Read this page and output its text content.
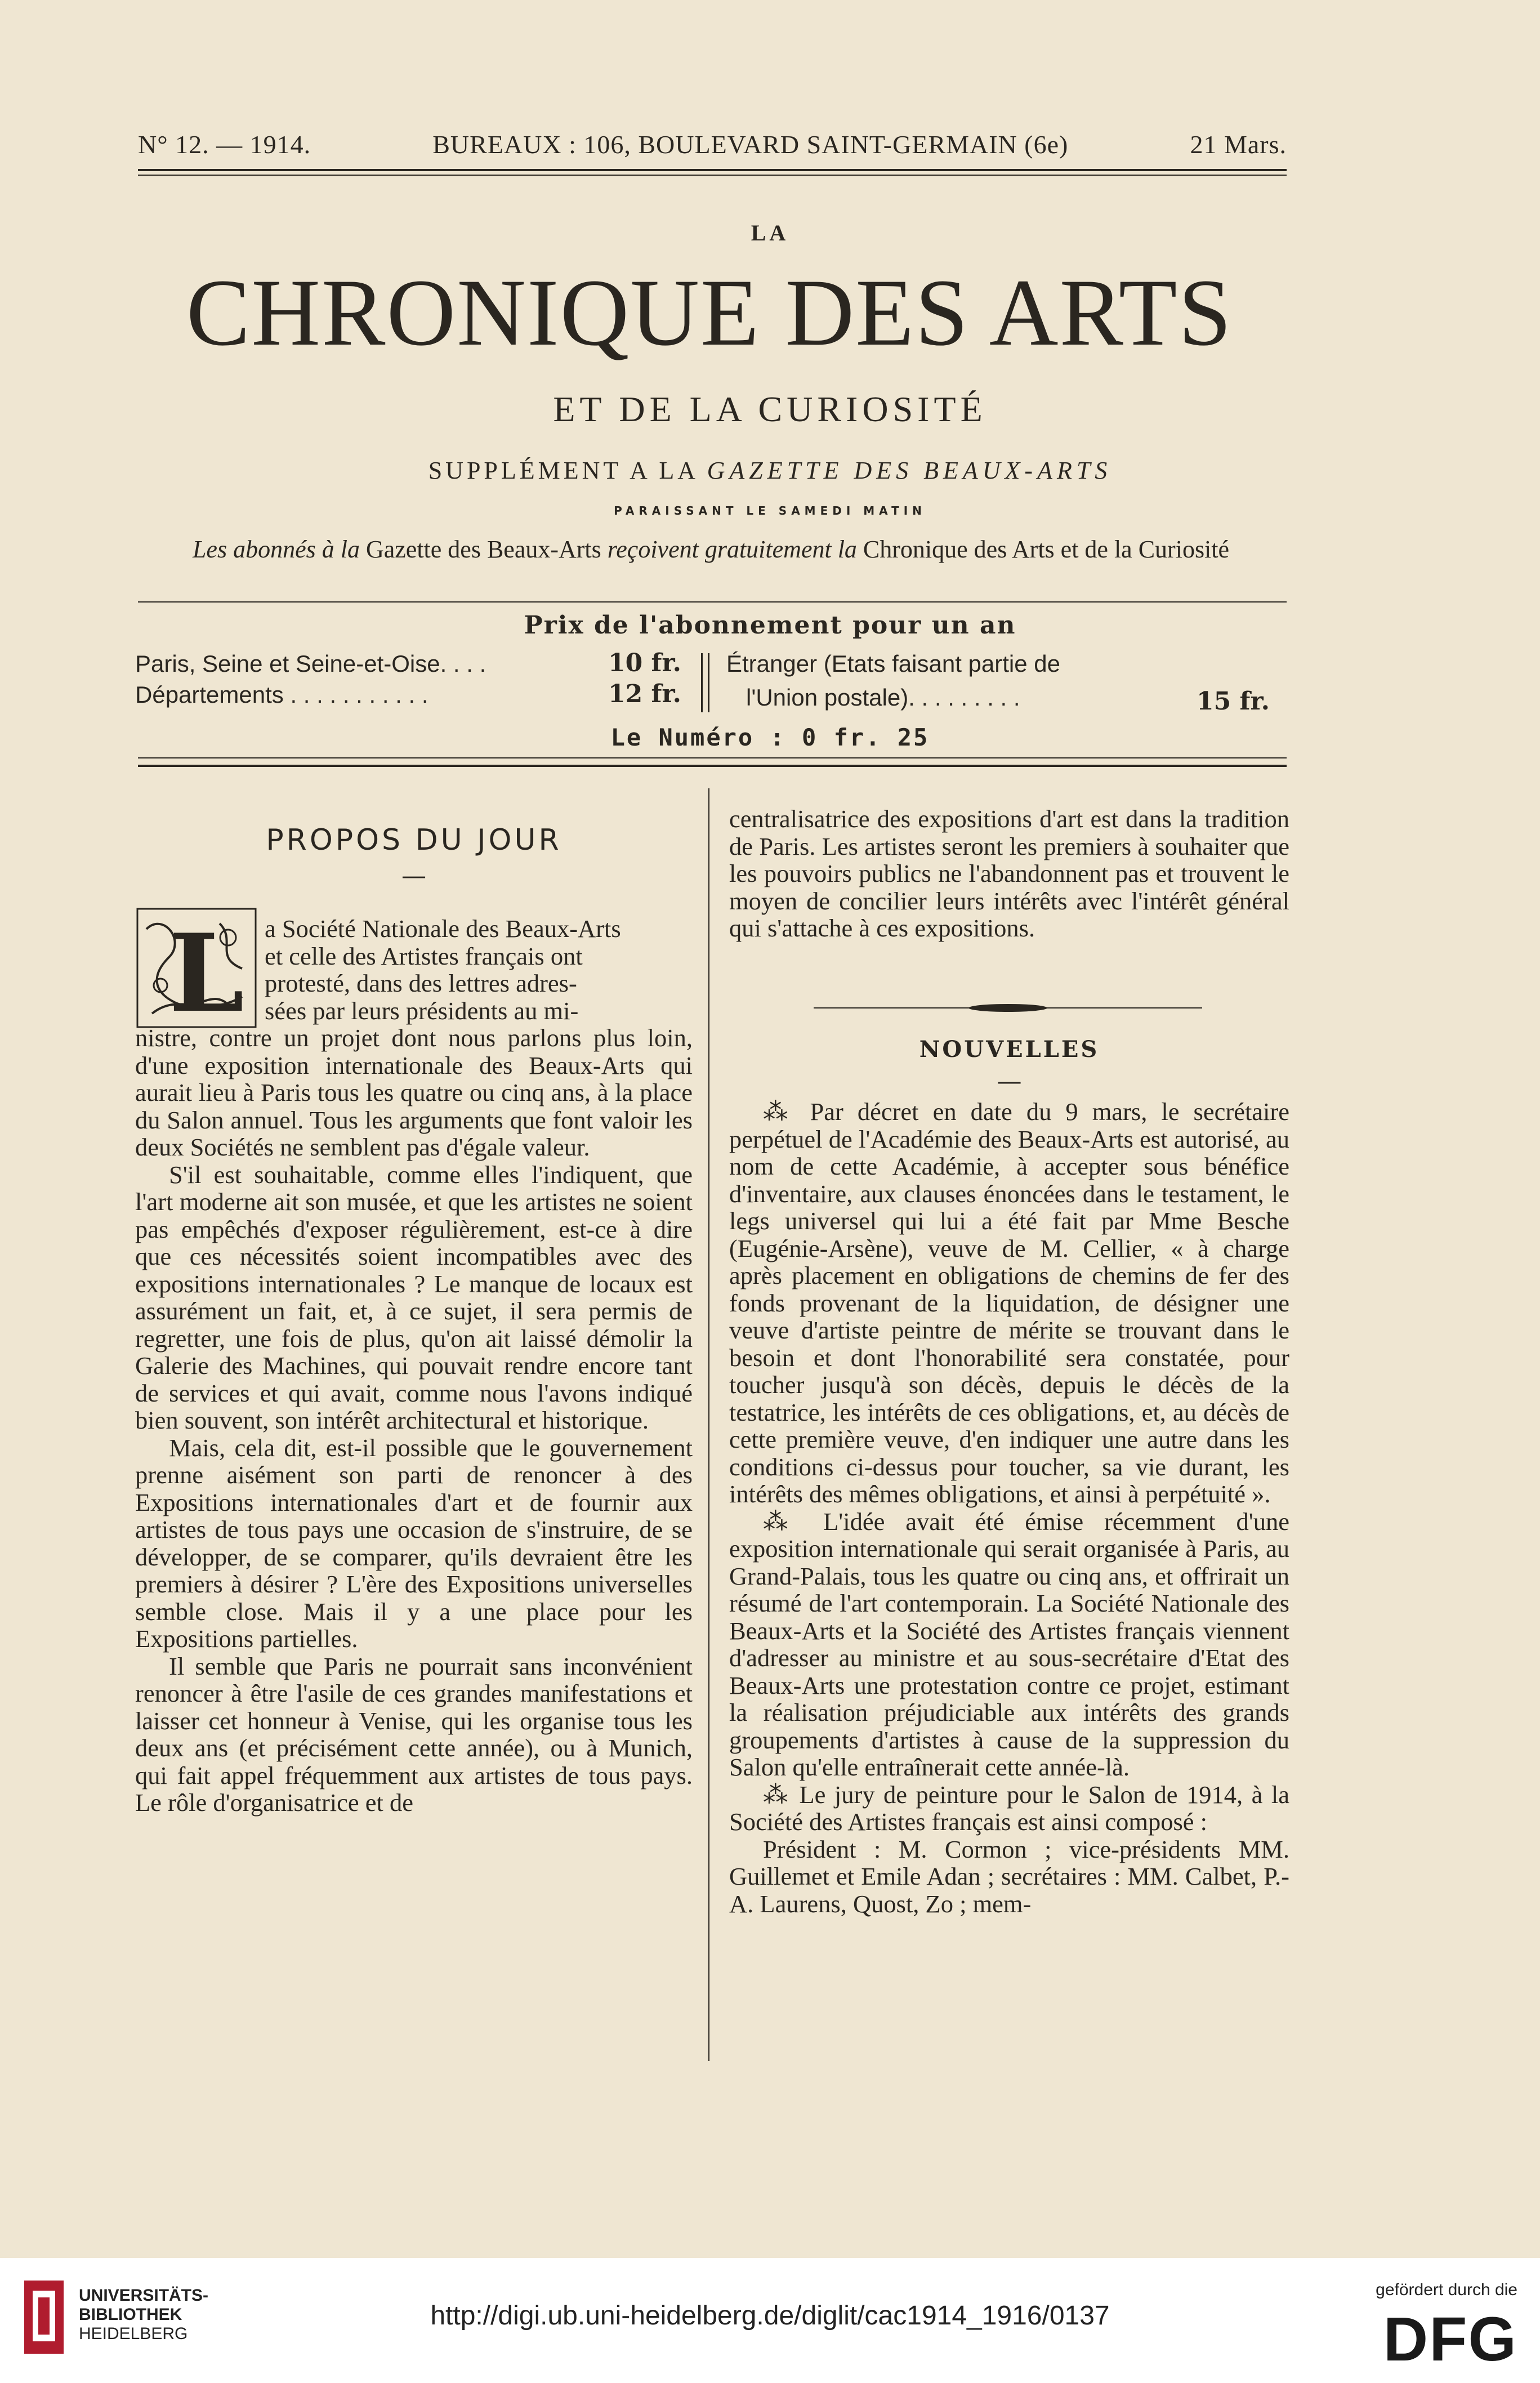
N° 12. — 1914.	BUREAUX : 106, BOULEVARD SAINT-GERMAIN (6e)	21 Mars.
LA
CHRONIQUE DES ARTS
ET DE LA CURIOSITÉ
SUPPLÉMENT A LA GAZETTE DES BEAUX-ARTS
PARAISSANT LE SAMEDI MATIN
Les abonnés à la Gazette des Beaux-Arts reçoivent gratuitement la Chronique des Arts et de la Curiosité
Prix de l'abonnement pour un an
Paris, Seine et Seine-et-Oise. . . .	10 fr.
Départements . . . . . . . . . . .	12 fr.
Étranger (Etats faisant partie de
l'Union postale). . . . . . . . .	15 fr.
Le Numéro : 0 fr. 25
PROPOS DU JOUR
—
L a Société Nationale des Beaux-Arts
et celle des Artistes français ont
protesté, dans des lettres adres-
sées par leurs présidents au mi-

nistre, contre un projet dont nous parlons plus loin, d'une exposition internationale des Beaux-Arts qui aurait lieu à Paris tous les quatre ou cinq ans, à la place du Salon annuel. Tous les arguments que font valoir les deux Sociétés ne semblent pas d'égale valeur.

S'il est souhaitable, comme elles l'indiquent, que l'art moderne ait son musée, et que les artistes ne soient pas empêchés d'exposer régulièrement, est-ce à dire que ces nécessités soient incompatibles avec des expositions internationales ? Le manque de locaux est assurément un fait, et, à ce sujet, il sera permis de regretter, une fois de plus, qu'on ait laissé démolir la Galerie des Machines, qui pouvait rendre encore tant de services et qui avait, comme nous l'avons indiqué bien souvent, son intérêt architectural et historique.

Mais, cela dit, est-il possible que le gouvernement prenne aisément son parti de renoncer à des Expositions internationales d'art et de fournir aux artistes de tous pays une occasion de s'instruire, de se développer, de se comparer, qu'ils devraient être les premiers à désirer ? L'ère des Expositions universelles semble close. Mais il y a une place pour les Expositions partielles.

Il semble que Paris ne pourrait sans inconvénient renoncer à être l'asile de ces grandes manifestations et laisser cet honneur à Venise, qui les organise tous les deux ans (et précisément cette année), ou à Munich, qui fait appel fréquemment aux artistes de tous pays. Le rôle d'organisatrice et de

centralisatrice des expositions d'art est dans la tradition de Paris. Les artistes seront les premiers à souhaiter que les pouvoirs publics ne l'abandonnent pas et trouvent le moyen de concilier leurs intérêts avec l'intérêt général qui s'attache à ces expositions.

NOUVELLES
—

⁂ Par décret en date du 9 mars, le secrétaire perpétuel de l'Académie des Beaux-Arts est autorisé, au nom de cette Académie, à accepter sous bénéfice d'inventaire, aux clauses énoncées dans le testament, le legs universel qui lui a été fait par Mme Besche (Eugénie-Arsène), veuve de M. Cellier, « à charge après placement en obligations de chemins de fer des fonds provenant de la liquidation, de désigner une veuve d'artiste peintre de mérite se trouvant dans le besoin et dont l'honorabilité sera constatée, pour toucher jusqu'à son décès, depuis le décès de la testatrice, les intérêts de ces obligations, et, au décès de cette première veuve, d'en indiquer une autre dans les conditions ci-dessus pour toucher, sa vie durant, les intérêts des mêmes obligations, et ainsi à perpétuité ».

⁂ L'idée avait été émise récemment d'une exposition internationale qui serait organisée à Paris, au Grand-Palais, tous les quatre ou cinq ans, et offrirait un résumé de l'art contemporain. La Société Nationale des Beaux-Arts et la Société des Artistes français viennent d'adresser au ministre et au sous-secrétaire d'Etat des Beaux-Arts une protestation contre ce projet, estimant la réalisation préjudiciable aux intérêts des grands groupements d'artistes à cause de la suppression du Salon qu'elle entraînerait cette année-là.

⁂ Le jury de peinture pour le Salon de 1914, à la Société des Artistes français est ainsi composé :

Président : M. Cormon ; vice-présidents MM. Guillemet et Emile Adan ; secrétaires : MM. Calbet, P.-A. Laurens, Quost, Zo ; mem-

UNIVERSITÄTS-
BIBLIOTHEK
HEIDELBERG
http://digi.ub.uni-heidelberg.de/diglit/cac1914_1916/0137
gefördert durch die
DFG
